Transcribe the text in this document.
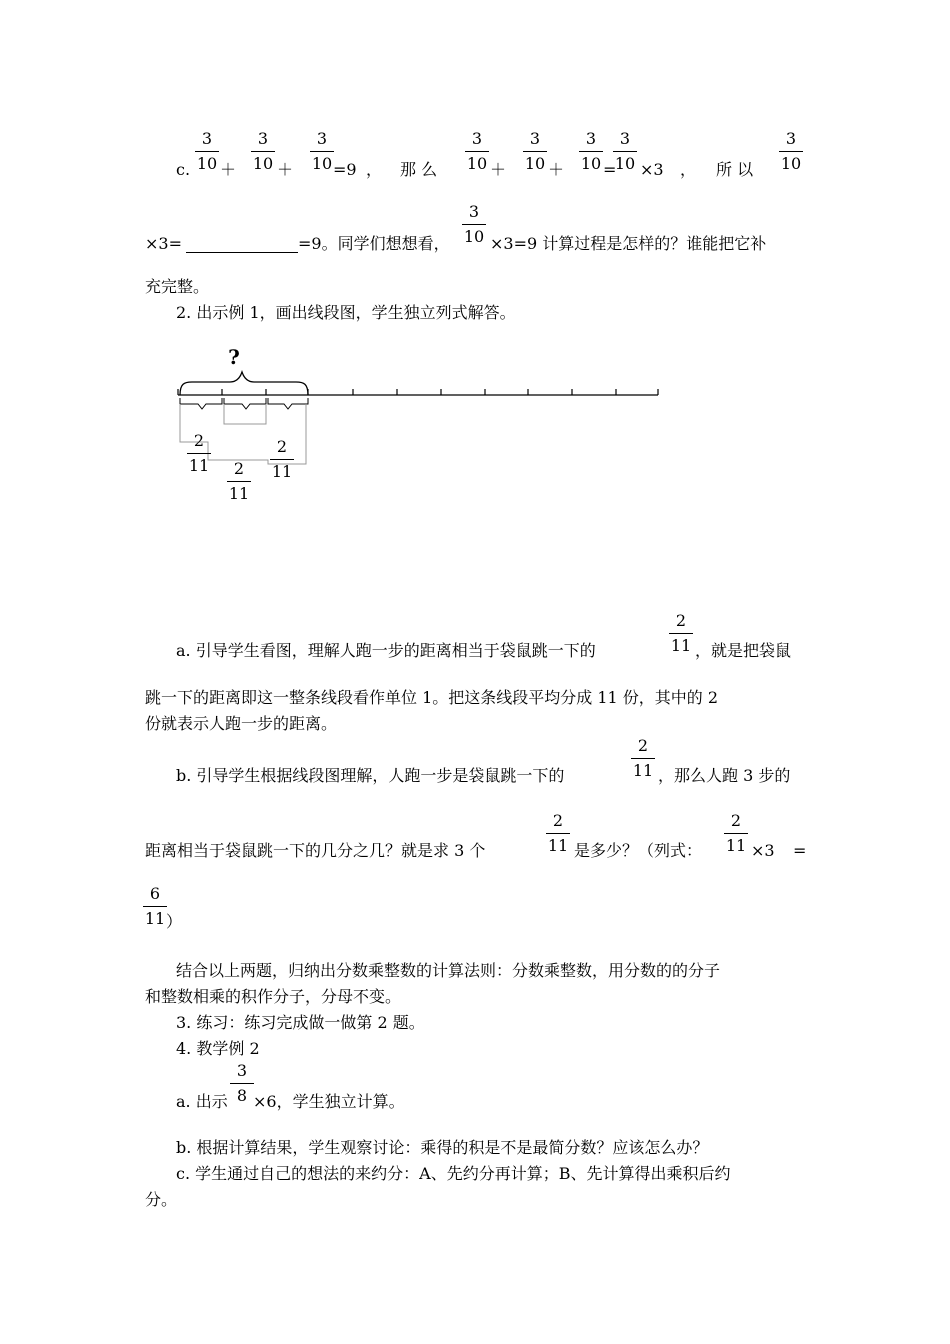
c.
3
10 ＋
3
10 ＋
3
10 =9 ， 那 么
3
10 ＋
3
10 ＋
3
10 =
3
10 ×3 ， 所 以
3
10
×3=	=9。同学们想想看，
3
10 ×3=9 计算过程是怎样的？谁能把它补
充完整。
2. 出示例 1，画出线段图，学生独立列式解答。
?
2
11	2
11
2
11
a. 引导学生看图，理解人跑一步的距离相当于袋鼠跳一下的
2
11 ，就是把袋鼠
跳一下的距离即这一整条线段看作单位 1。把这条线段平均分成 11 份，其中的 2
份就表示人跑一步的距离。
b. 引导学生根据线段图理解，人跑一步是袋鼠跳一下的
2
11 ，那么人跑 3 步的
距离相当于袋鼠跳一下的几分之几？就是求 3 个
2
11 是多少？（列式：
2
11 ×3 =
6
11 ）
结合以上两题，归纳出分数乘整数的计算法则：分数乘整数，用分数的的分子
和整数相乘的积作分子，分母不变。
3. 练习：练习完成做一做第 2 题。
4. 教学例 2
a. 出示
3
8 ×6，学生独立计算。
b. 根据计算结果，学生观察讨论：乘得的积是不是最简分数？应该怎么办？
c. 学生通过自己的想法的来约分：A、先约分再计算；B、先计算得出乘积后约
分。
